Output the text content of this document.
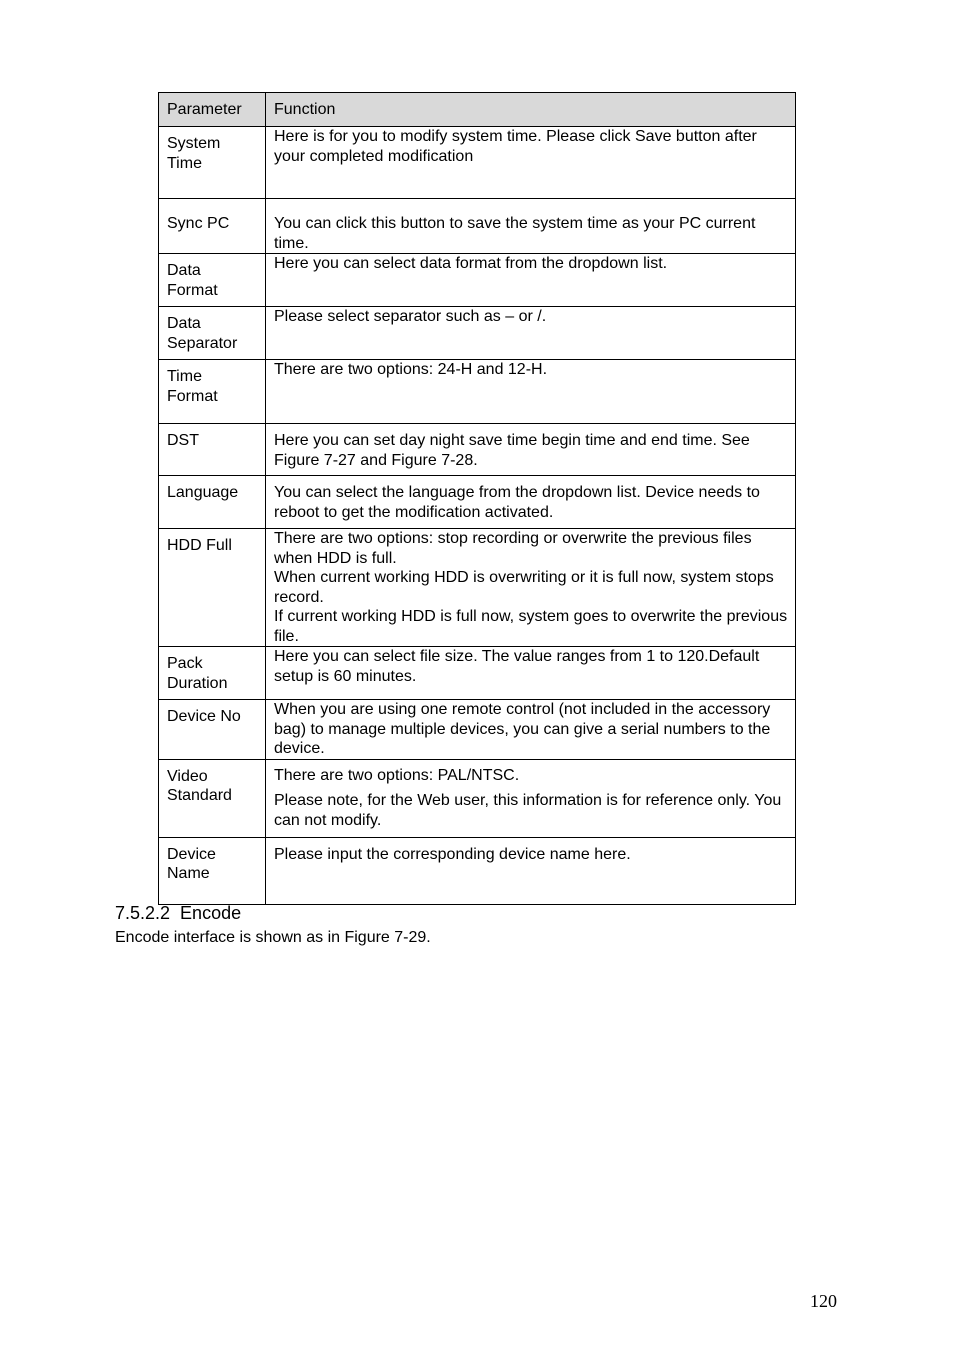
Parameter	Function

System Time	Here is for you to modify system time. Please click Save button after your completed modification

Sync PC	You can click this button to save the system time as your PC current time.

Data Format	Here you can select data format from the dropdown list.

Data Separator	Please select separator such as – or /.

Time Format	There are two options: 24-H and 12-H.

DST	Here you can set day night save time begin time and end time. See Figure 7-27 and Figure 7-28.

Language	You can select the language from the dropdown list. Device needs to reboot to get the modification activated.

HDD Full	There are two options: stop recording or overwrite the previous files when HDD is full.
When current working HDD is overwriting or it is full now, system stops record.
If current working HDD is full now, system goes to overwrite the previous file.

Pack Duration	Here you can select file size. The value ranges from 1 to 120.Default setup is 60 minutes.

Device No	When you are using one remote control (not included in the accessory bag) to manage multiple devices, you can give a serial numbers to the device.

Video Standard	There are two options: PAL/NTSC.
Please note, for the Web user, this information is for reference only. You can not modify.

Device Name	Please input the corresponding device name here.
7.5.2.2 Encode
Encode interface is shown as in Figure 7-29.
120
